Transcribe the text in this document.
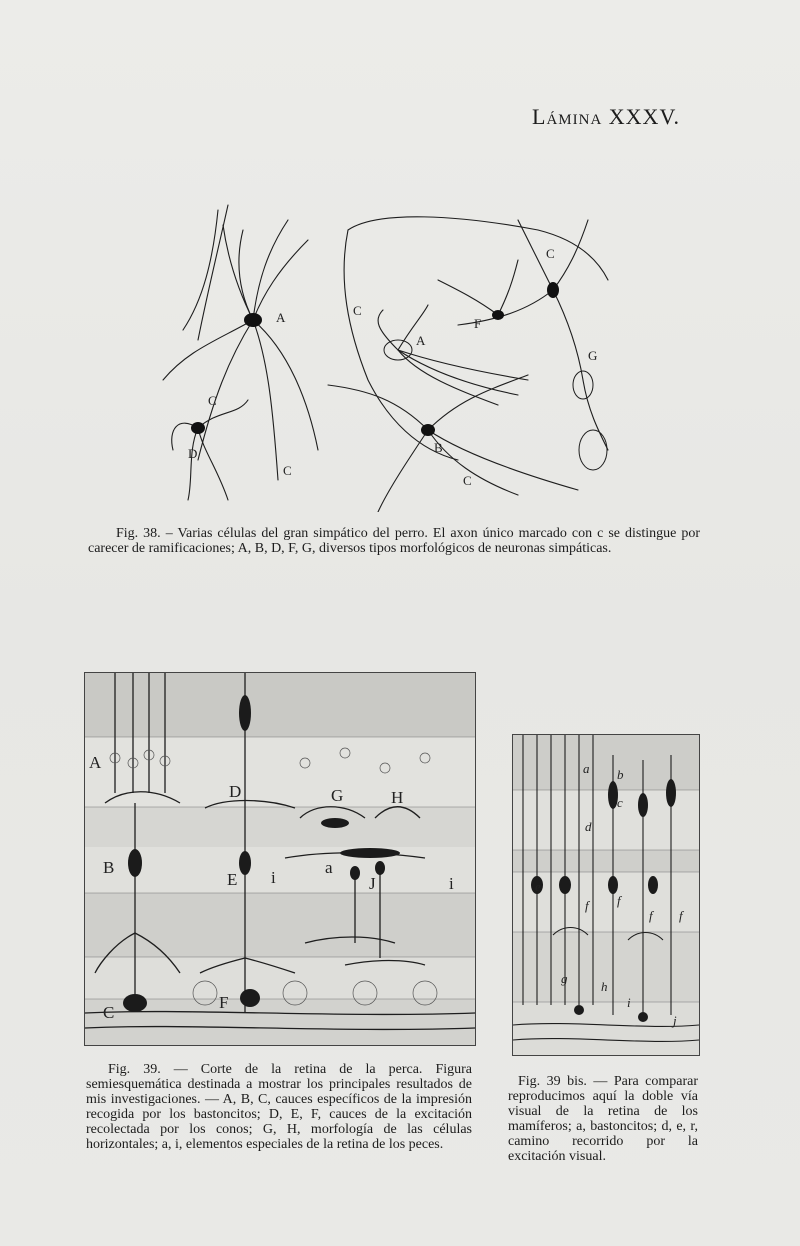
Lámina XXXV.
A
A
B
C
C
C
C
C
D
F
G
Fig. 38. – Varias células del gran simpático del perro. El axon único marcado con c se distingue por carecer de ramificaciones; A, B, D, F, G, diversos tipos morfológicos de neuronas simpáticas.
A
D	G	H
B
E i
a
J	i
C
F
Fig. 39. — Corte de la retina de la perca. Figura semiesquemática destinada a mostrar los principales resultados de mis investigaciones. — A, B, C, cauces específicos de la impresión recogida por los bastoncitos; D, E, F, cauces de la excitación recolectada por los conos; G, H, morfología de las células horizontales; a, i, elementos especiales de la retina de los peces.
a b
c
d
e
f f
f f
g
h
i
j
Fig. 39 bis. — Para comparar reproducimos aquí la doble vía visual de la retina de los mamíferos; a, bastoncitos; d, e, r, camino recorrido por la excitación visual.
